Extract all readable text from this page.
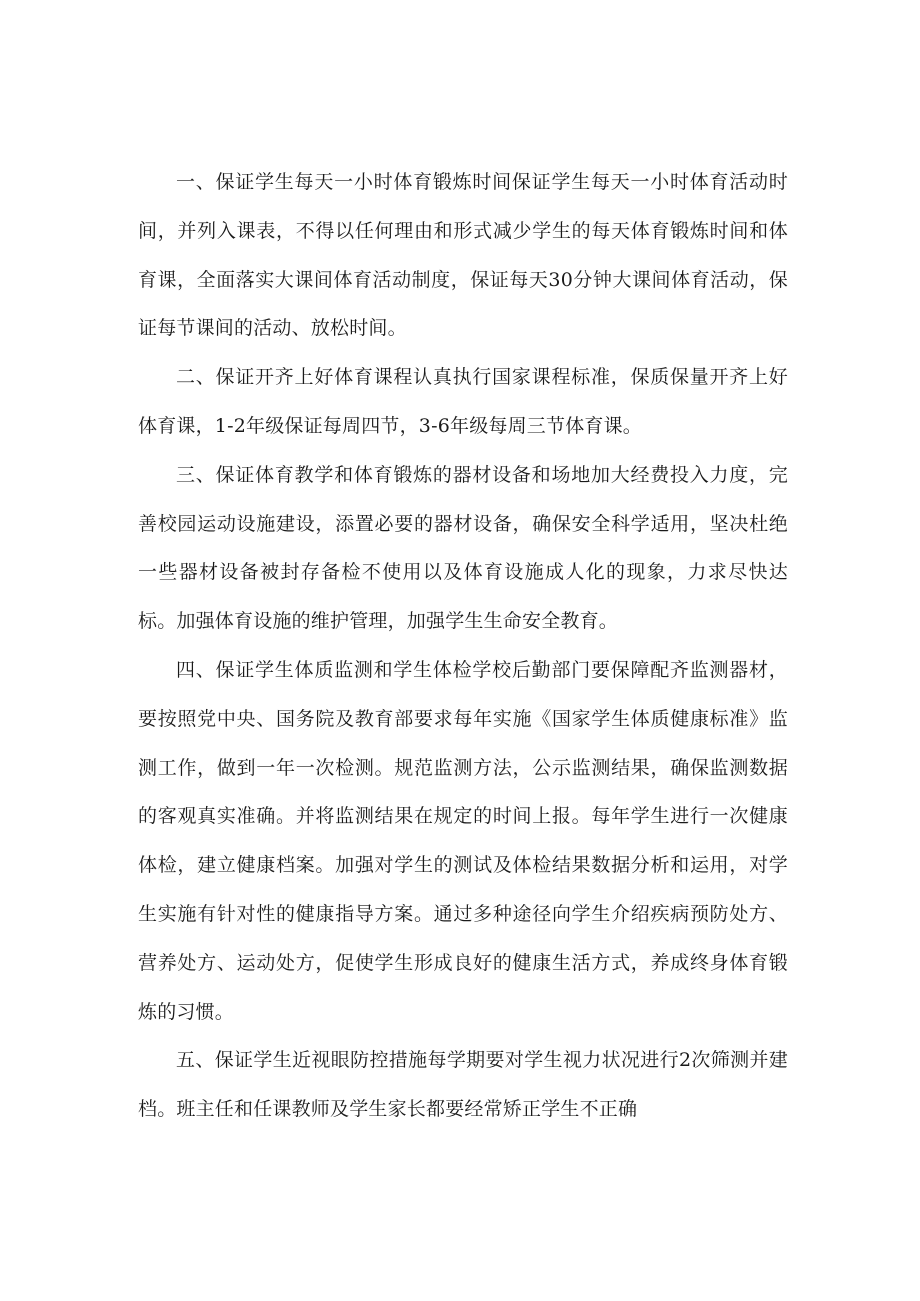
一、保证学生每天一小时体育锻炼时间保证学生每天一小时体育活动时间，并列入课表，不得以任何理由和形式减少学生的每天体育锻炼时间和体育课，全面落实大课间体育活动制度，保证每天30分钟大课间体育活动，保证每节课间的活动、放松时间。

二、保证开齐上好体育课程认真执行国家课程标准，保质保量开齐上好体育课，1-2年级保证每周四节，3-6年级每周三节体育课。

三、保证体育教学和体育锻炼的器材设备和场地加大经费投入力度，完善校园运动设施建设，添置必要的器材设备，确保安全科学适用，坚决杜绝一些器材设备被封存备检不使用以及体育设施成人化的现象，力求尽快达标。加强体育设施的维护管理，加强学生生命安全教育。

四、保证学生体质监测和学生体检学校后勤部门要保障配齐监测器材，要按照党中央、国务院及教育部要求每年实施《国家学生体质健康标准》监测工作，做到一年一次检测。规范监测方法，公示监测结果，确保监测数据的客观真实准确。并将监测结果在规定的时间上报。每年学生进行一次健康体检，建立健康档案。加强对学生的测试及体检结果数据分析和运用，对学生实施有针对性的健康指导方案。通过多种途径向学生介绍疾病预防处方、营养处方、运动处方，促使学生形成良好的健康生活方式，养成终身体育锻炼的习惯。

五、保证学生近视眼防控措施每学期要对学生视力状况进行2次筛测并建档。班主任和任课教师及学生家长都要经常矫正学生不正确
